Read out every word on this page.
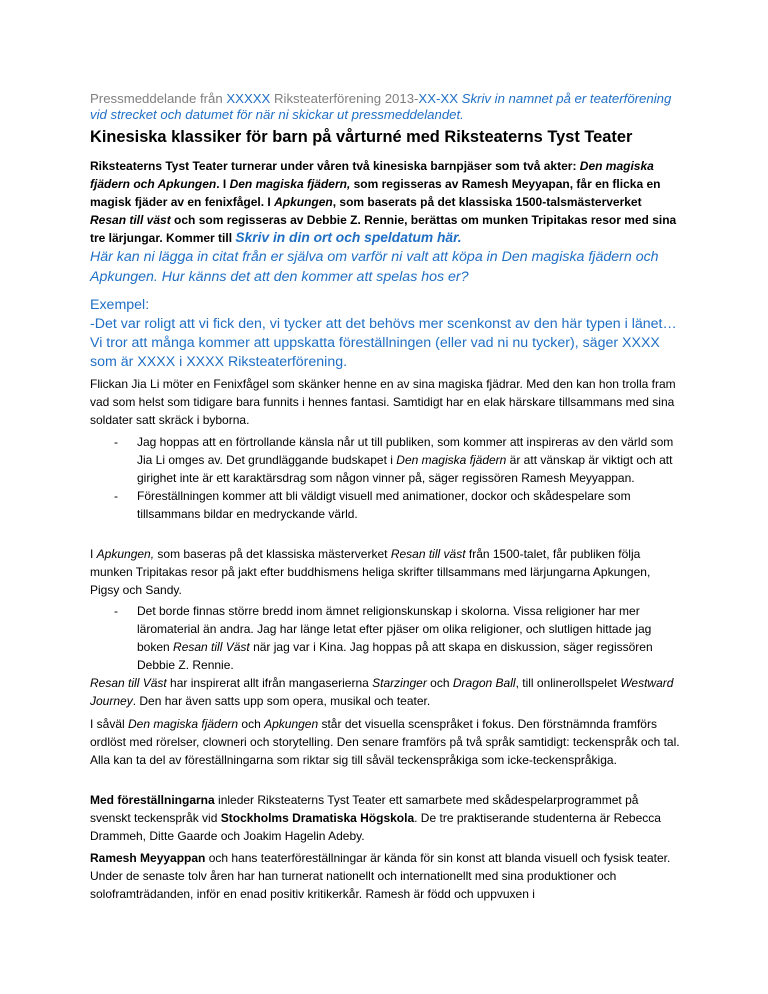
Pressmeddelande från XXXXX Riksteaterförening 2013-XX-XX Skriv in namnet på er teaterförening vid strecket och datumet för när ni skickar ut pressmeddelandet.
Kinesiska klassiker för barn på vårturné med Riksteaterns Tyst Teater
Riksteaterns Tyst Teater turnerar under våren två kinesiska barnpjäser som två akter: Den magiska fjädern och Apkungen. I Den magiska fjädern, som regisseras av Ramesh Meyyapan, får en flicka en magisk fjäder av en fenixfågel. I Apkungen, som baserats på det klassiska 1500-talsmästerverket Resan till väst och som regisseras av Debbie Z. Rennie, berättas om munken Tripitakas resor med sina tre lärjungar. Kommer till Skriv in din ort och speldatum här.
Här kan ni lägga in citat från er själva om varför ni valt att köpa in Den magiska fjädern och Apkungen. Hur känns det att den kommer att spelas hos er?
Exempel:
-Det var roligt att vi fick den, vi tycker att det behövs mer scenkonst av den här typen i länet… Vi tror att många kommer att uppskatta föreställningen (eller vad ni nu tycker), säger XXXX som är XXXX i XXXX Riksteaterförening.
Flickan Jia Li möter en Fenixfågel som skänker henne en av sina magiska fjädrar. Med den kan hon trolla fram vad som helst som tidigare bara funnits i hennes fantasi. Samtidigt har en elak härskare tillsammans med sina soldater satt skräck i byborna.
- Jag hoppas att en förtrollande känsla når ut till publiken, som kommer att inspireras av den värld som Jia Li omges av. Det grundläggande budskapet i Den magiska fjädern är att vänskap är viktigt och att girighet inte är ett karaktärsdrag som någon vinner på, säger regissören Ramesh Meyyappan.
- Föreställningen kommer att bli väldigt visuell med animationer, dockor och skådespelare som tillsammans bildar en medryckande värld.
I Apkungen, som baseras på det klassiska mästerverket Resan till väst från 1500-talet, får publiken följa munken Tripitakas resor på jakt efter buddhismens heliga skrifter tillsammans med lärjungarna Apkungen, Pigsy och Sandy.
- Det borde finnas större bredd inom ämnet religionskunskap i skolorna. Vissa religioner har mer läromaterial än andra. Jag har länge letat efter pjäser om olika religioner, och slutligen hittade jag boken Resan till Väst när jag var i Kina. Jag hoppas på att skapa en diskussion, säger regissören Debbie Z. Rennie.
Resan till Väst har inspirerat allt ifrån mangaserierna Starzinger och Dragon Ball, till onlinerollspelet Westward Journey. Den har även satts upp som opera, musikal och teater.
I såväl Den magiska fjädern och Apkungen står det visuella scenspråket i fokus. Den förstnämnda framförs ordlöst med rörelser, clowneri och storytelling. Den senare framförs på två språk samtidigt: teckenspråk och tal. Alla kan ta del av föreställningarna som riktar sig till såväl teckenspråkiga som icke-teckenspråkiga.
Med föreställningarna inleder Riksteaterns Tyst Teater ett samarbete med skådespelarprogrammet på svenskt teckenspråk vid Stockholms Dramatiska Högskola. De tre praktiserande studenterna är Rebecca Drammeh, Ditte Gaarde och Joakim Hagelin Adeby.
Ramesh Meyyappan och hans teaterföreställningar är kända för sin konst att blanda visuell och fysisk teater. Under de senaste tolv åren har han turnerat nationellt och internationellt med sina produktioner och soloframträdanden, inför en enad positiv kritikerkår. Ramesh är född och uppvuxen i
